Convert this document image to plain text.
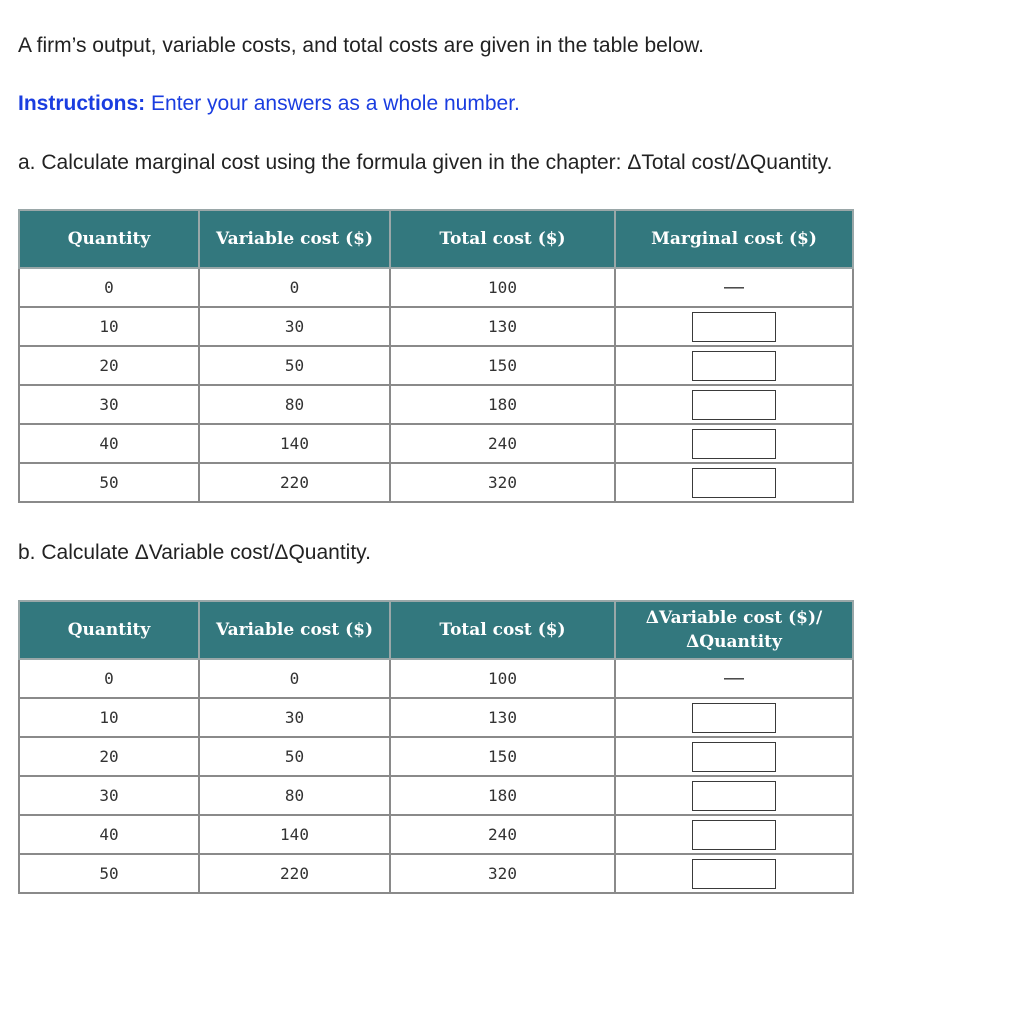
A firm’s output, variable costs, and total costs are given in the table below.

Instructions: Enter your answers as a whole number.

a. Calculate marginal cost using the formula given in the chapter: ΔTotal cost/ΔQuantity.

Quantity	Variable cost ($)	Total cost ($)	Marginal cost ($)
0	0	100	—
10	30	130	

20	50	150	

30	80	180	

40	140	240	

50	220	320	

b. Calculate ΔVariable cost/ΔQuantity.

Quantity	Variable cost ($)	Total cost ($)	ΔVariable cost ($)/ ΔQuantity
0	0	100	—
10	30	130	

20	50	150	

30	80	180	

40	140	240	

50	220	320	
